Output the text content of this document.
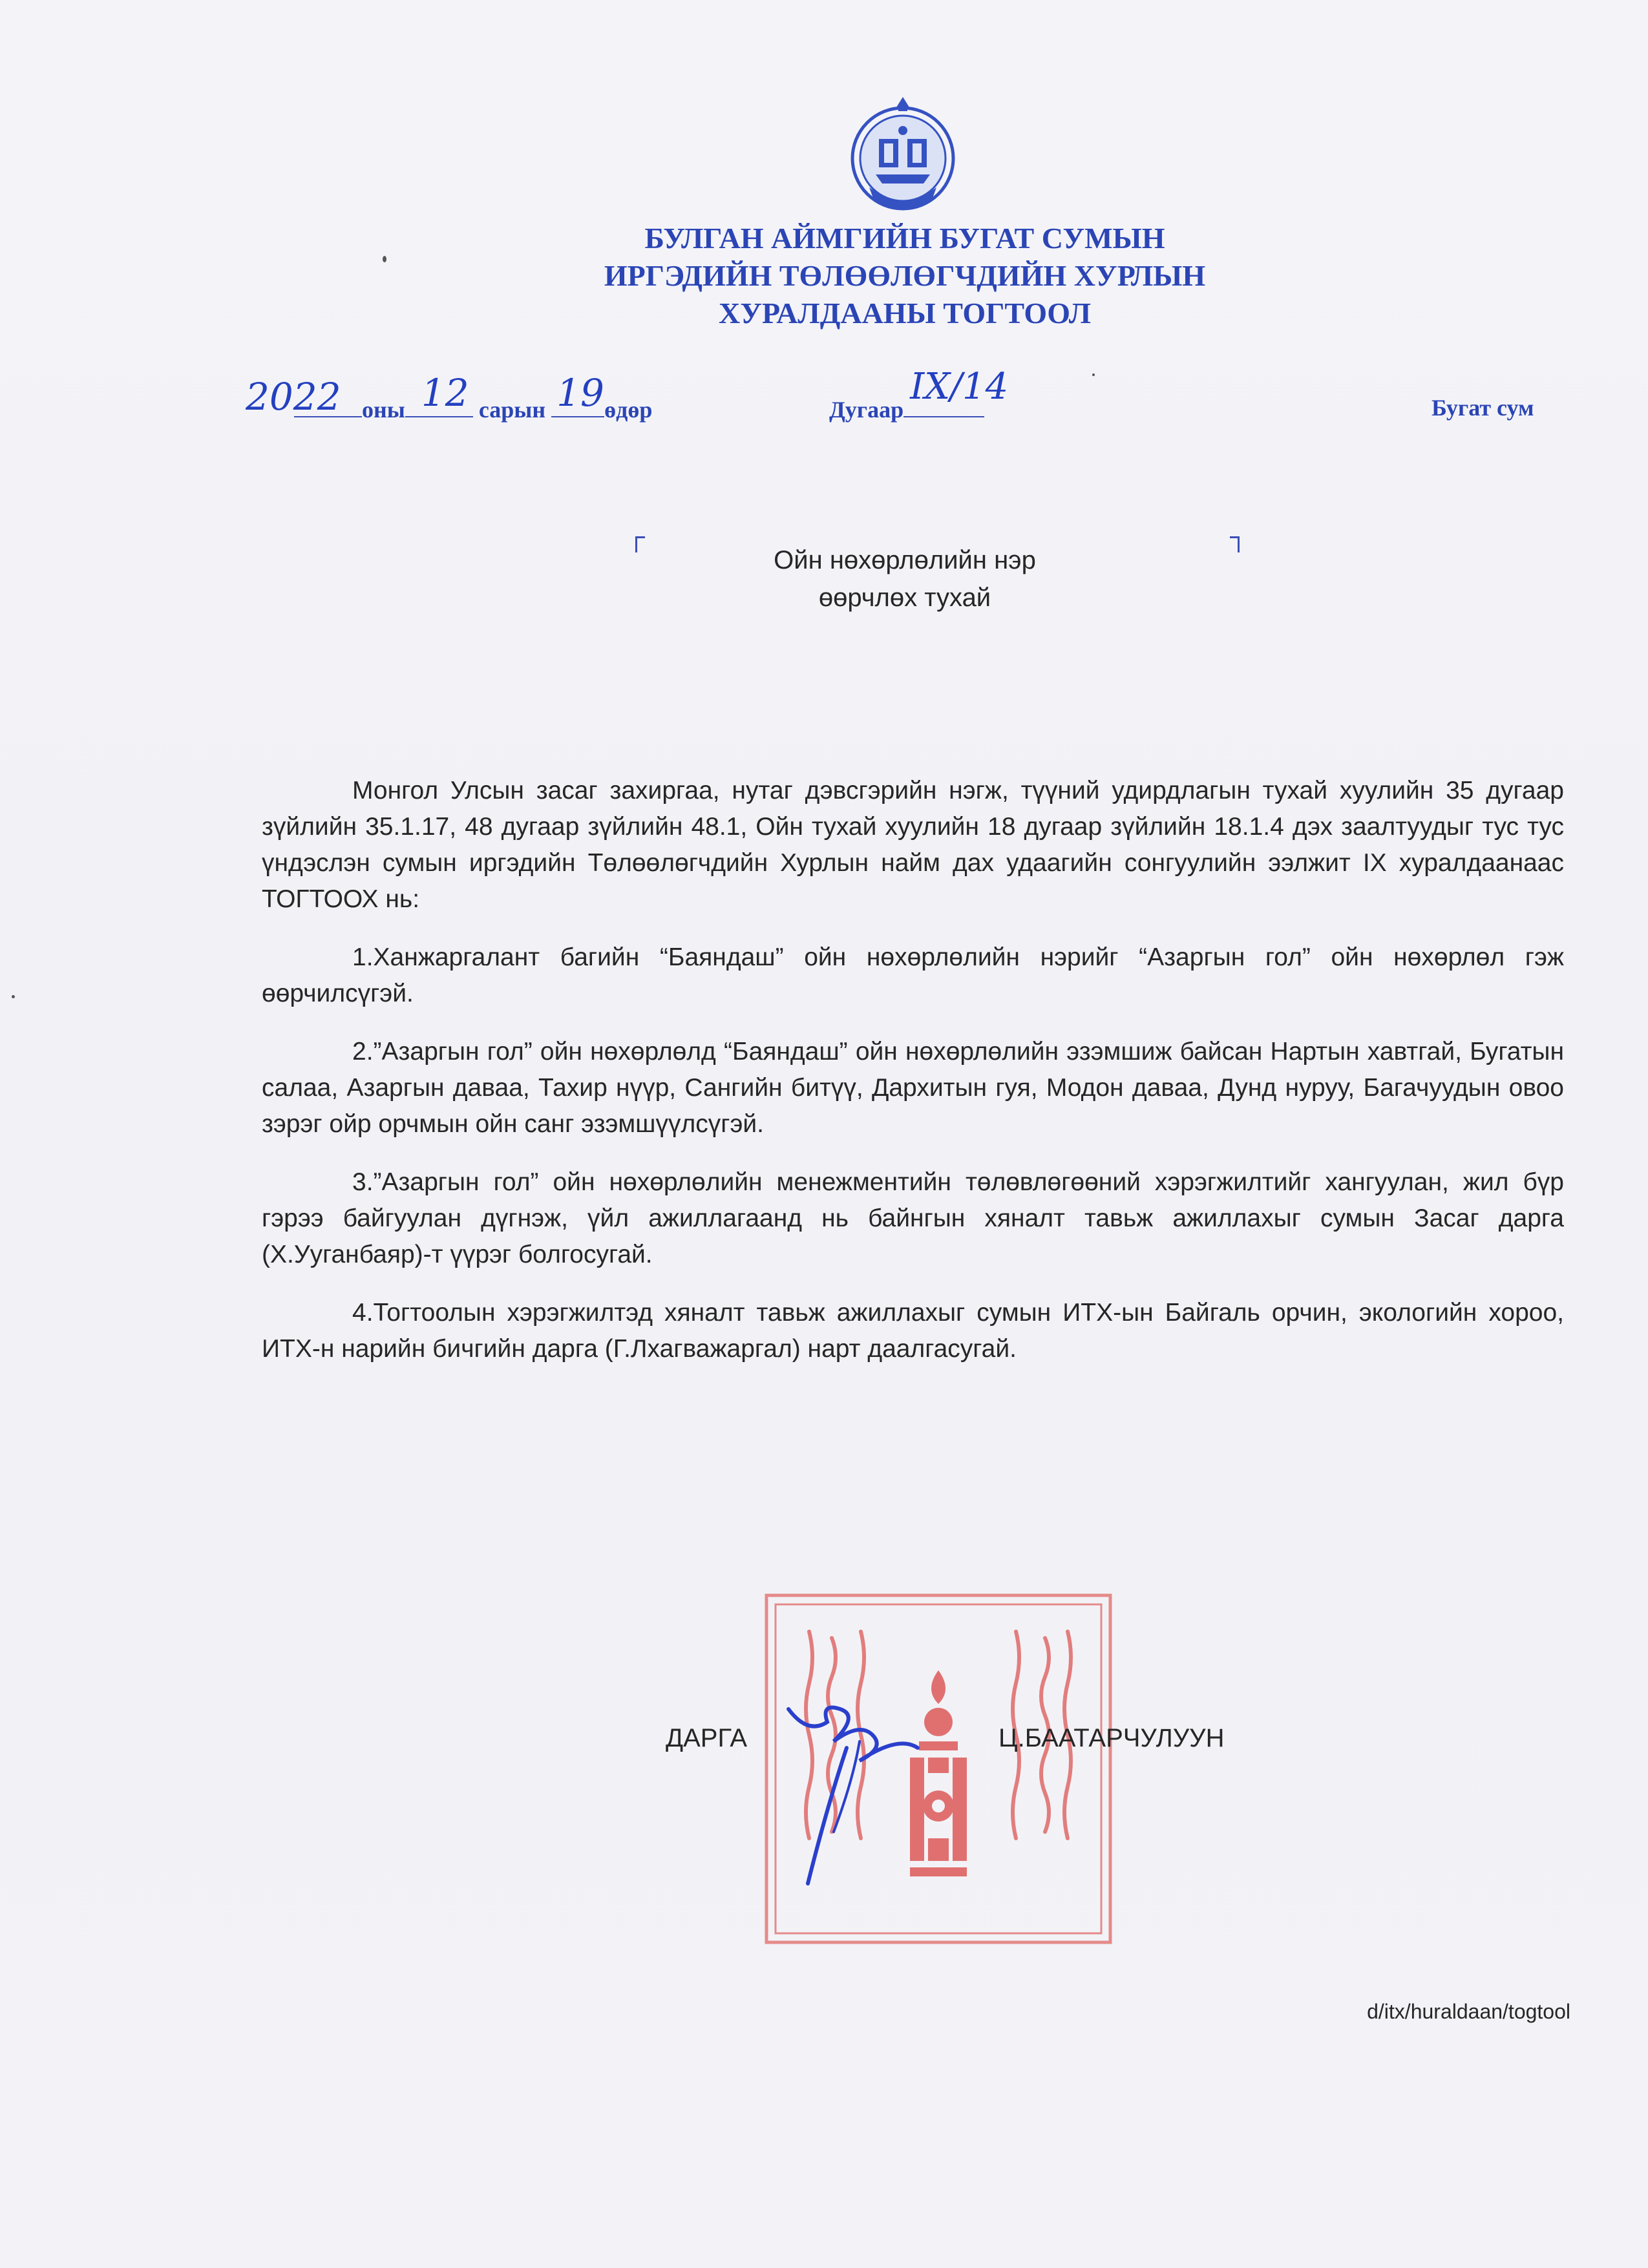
БУЛГАН АЙМГИЙН БУГАТ СУМЫН
ИРГЭДИЙН ТӨЛӨӨЛӨГЧДИЙН ХУРЛЫН
ХУРАЛДААНЫ ТОГТООЛ
2022 оны 12 сарын 19 өдөр	Дугаар
IX/14	Бугат сум
Ойн нөхөрлөлийн нэр
өөрчлөх тухай

Монгол Улсын засаг захиргаа, нутаг дэвсгэрийн нэгж, түүний удирдлагын тухай хуулийн 35 дугаар зүйлийн 35.1.17, 48 дугаар зүйлийн 48.1, Ойн тухай хуулийн 18 дугаар зүйлийн 18.1.4 дэх заалтуудыг тус тус үндэслэн сумын иргэдийн Төлөөлөгчдийн Хурлын найм дах удаагийн сонгуулийн ээлжит IX хуралдаанаас ТОГТООХ нь:

1.Ханжаргалант багийн “Баяндаш” ойн нөхөрлөлийн нэрийг “Азаргын гол” ойн нөхөрлөл гэж өөрчилсүгэй.

2.”Азаргын гол” ойн нөхөрлөлд “Баяндаш” ойн нөхөрлөлийн эзэмшиж байсан Нартын хавтгай, Бугатын салаа, Азаргын даваа, Тахир нүүр, Сангийн битүү, Дархитын гуя, Модон даваа, Дунд нуруу, Багачуудын овоо зэрэг ойр орчмын ойн санг эзэмшүүлсүгэй.

3.”Азаргын гол” ойн нөхөрлөлийн менежментийн төлөвлөгөөний хэрэгжилтийг хангуулан, жил бүр гэрээ байгуулан дүгнэж, үйл ажиллагаанд нь байнгын хяналт тавьж ажиллахыг сумын Засаг дарга (Х.Ууганбаяр)-т үүрэг болгосугай.

4.Тогтоолын хэрэгжилтэд хяналт тавьж ажиллахыг сумын ИТХ-ын Байгаль орчин, экологийн хороо, ИТХ-н нарийн бичгийн дарга (Г.Лхагважаргал) нарт даалгасугай.

ДАРГА	Ц.БААТАРЧУЛУУН
d/itx/huraldaan/togtool
